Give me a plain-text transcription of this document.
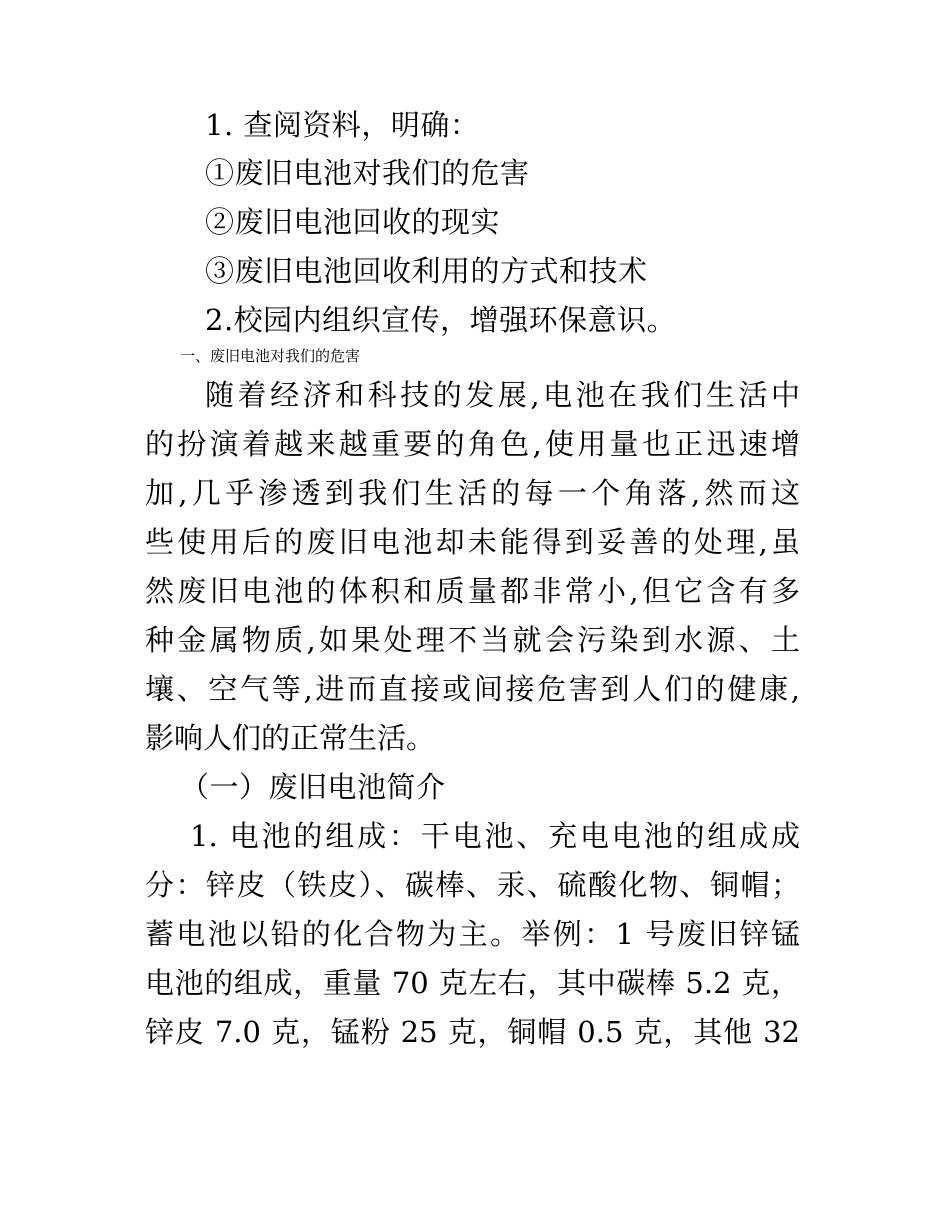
1. 查阅资料，明确：
①废旧电池对我们的危害
②废旧电池回收的现实
③废旧电池回收利用的方式和技术
2.校园内组织宣传，增强环保意识。
一、废旧电池对我们的危害
随着经济和科技的发展,电池在我们生活中
的扮演着越来越重要的角色,使用量也正迅速增
加,几乎渗透到我们生活的每一个角落,然而这
些使用后的废旧电池却未能得到妥善的处理,虽
然废旧电池的体积和质量都非常小,但它含有多
种金属物质,如果处理不当就会污染到水源、土
壤、空气等,进而直接或间接危害到人们的健康,
影响人们的正常生活。
（一）废旧电池简介
1. 电池的组成：干电池、充电电池的组成成
分：锌皮（铁皮）、碳棒、汞、硫酸化物、铜帽；
蓄电池以铅的化合物为主。举例：1 号废旧锌锰
电池的组成，重量 70 克左右，其中碳棒 5.2 克，
锌皮 7.0 克，锰粉 25 克，铜帽 0.5 克，其他 32
